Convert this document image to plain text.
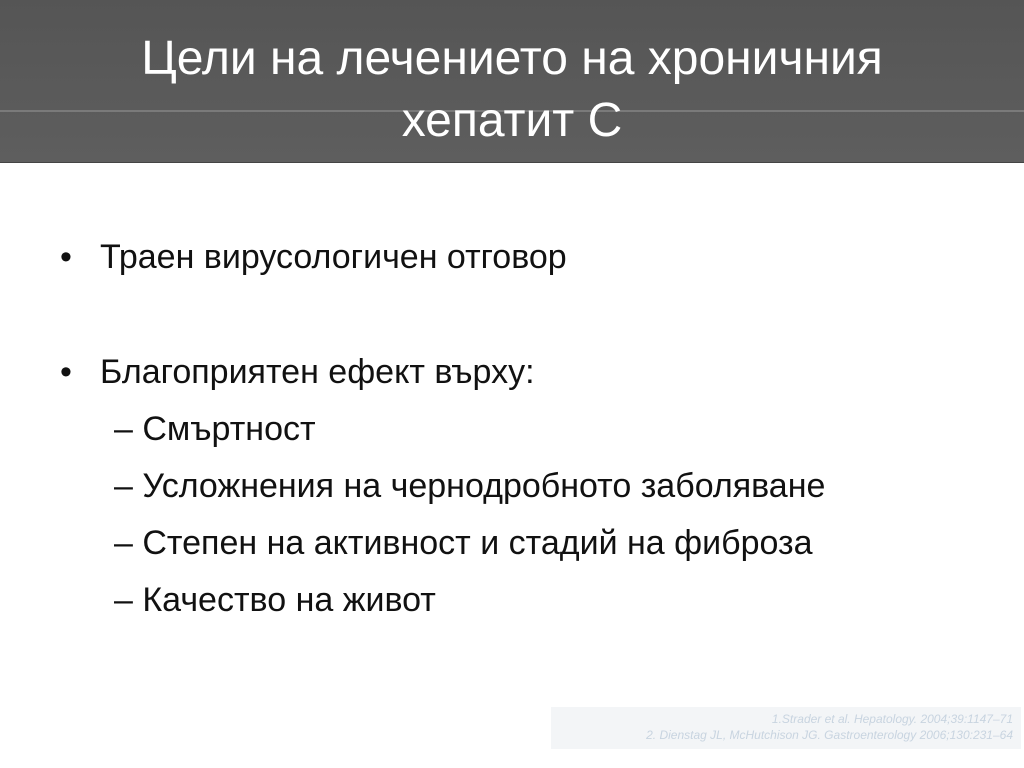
Цели на лечението на хроничния
хепатит С
• Траен вирусологичен отговор
• Благоприятен ефект върху:
– Смъртност
– Усложнения на чернодробното заболяване
– Степен на активност и стадий на фиброза
– Качество на живот
1.Strader et al. Hepatology. 2004;39:1147–71
2. Dienstag JL, McHutchison JG. Gastroenterology 2006;130:231–64
